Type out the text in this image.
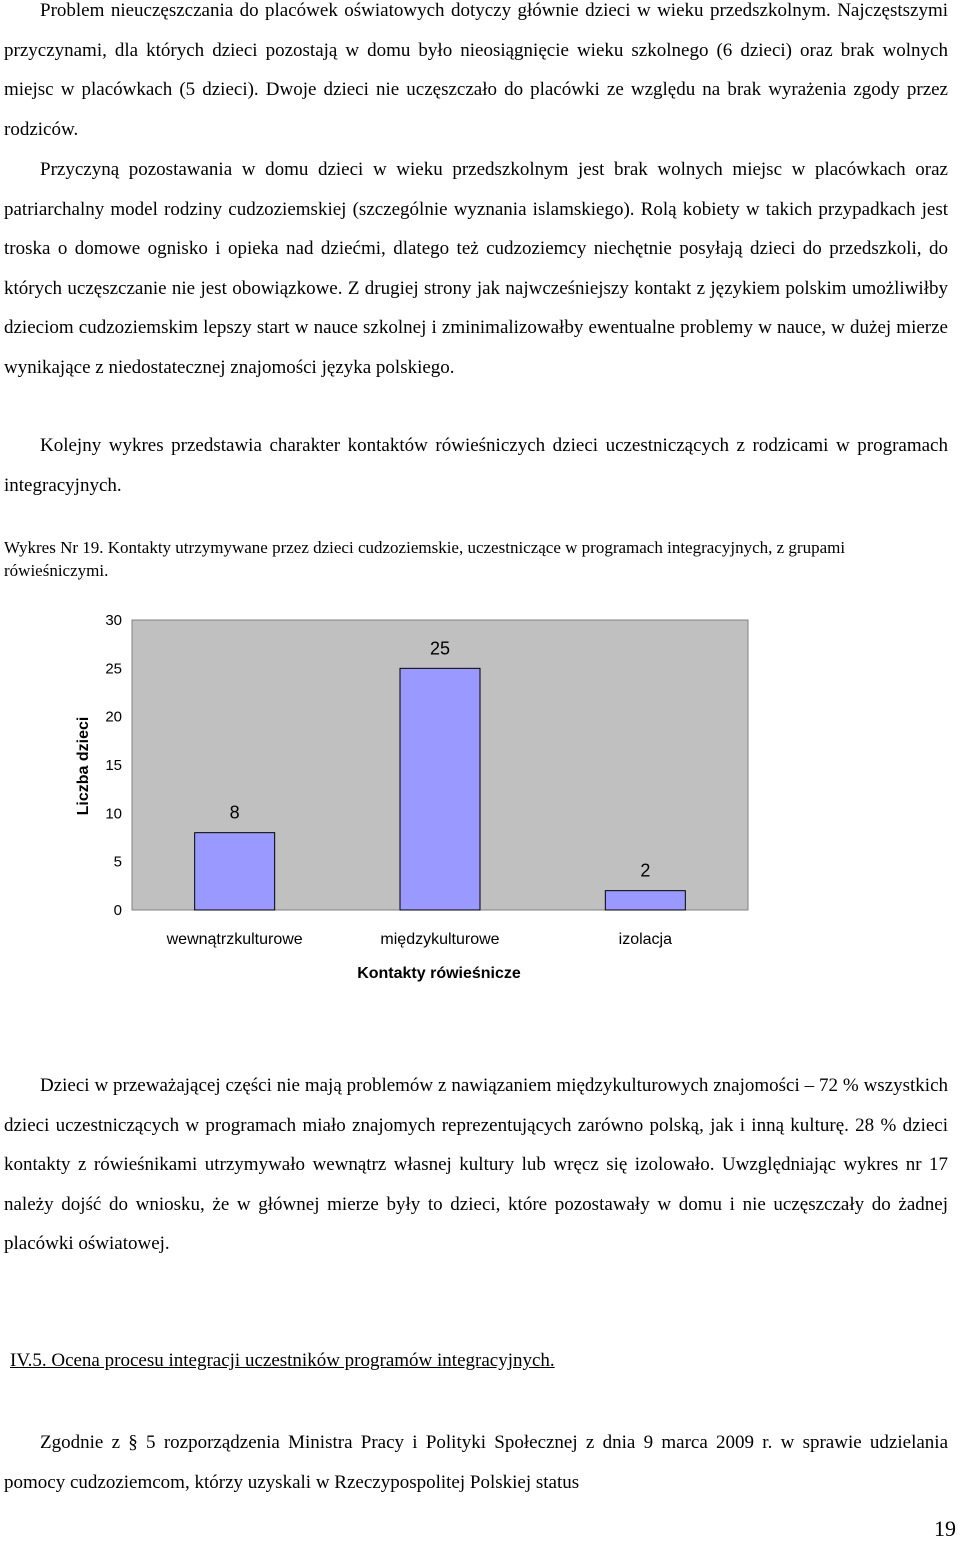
Problem nieuczęszczania do placówek oświatowych dotyczy głównie dzieci w wieku przedszkolnym. Najczęstszymi przyczynami, dla których dzieci pozostają w domu było nieosiągnięcie wieku szkolnego (6 dzieci) oraz brak wolnych miejsc w placówkach (5 dzieci). Dwoje dzieci nie uczęszczało do placówki ze względu na brak wyrażenia zgody przez rodziców.

Przyczyną pozostawania w domu dzieci w wieku przedszkolnym jest brak wolnych miejsc w placówkach oraz patriarchalny model rodziny cudzoziemskiej (szczególnie wyznania islamskiego). Rolą kobiety w takich przypadkach jest troska o domowe ognisko i opieka nad dziećmi, dlatego też cudzoziemcy niechętnie posyłają dzieci do przedszkoli, do których uczęszczanie nie jest obowiązkowe. Z drugiej strony jak najwcześniejszy kontakt z językiem polskim umożliwiłby dzieciom cudzoziemskim lepszy start w nauce szkolnej i zminimalizowałby ewentualne problemy w nauce, w dużej mierze wynikające z niedostatecznej znajomości języka polskiego.

Kolejny wykres przedstawia charakter kontaktów rówieśniczych dzieci uczestniczących z rodzicami w programach integracyjnych.

Wykres Nr 19. Kontakty utrzymywane przez dzieci cudzoziemskie, uczestniczące w programach integracyjnych, z grupami rówieśniczymi.

0
5
10
15
20
25
30
8
wewnątrzkulturowe
25
międzykulturowe
2
izolacja
Kontakty rówieśnicze
Liczba dzieci

Dzieci w przeważającej części nie mają problemów z nawiązaniem międzykulturowych znajomości – 72 % wszystkich dzieci uczestniczących w programach miało znajomych reprezentujących zarówno polską, jak i inną kulturę. 28 % dzieci kontakty z rówieśnikami utrzymywało wewnątrz własnej kultury lub wręcz się izolowało. Uwzględniając wykres nr 17 należy dojść do wniosku, że w głównej mierze były to dzieci, które pozostawały w domu i nie uczęszczały do żadnej placówki oświatowej.

IV.5. Ocena procesu integracji uczestników programów integracyjnych.

Zgodnie z § 5 rozporządzenia Ministra Pracy i Polityki Społecznej z dnia 9 marca 2009 r. w sprawie udzielania pomocy cudzoziemcom, którzy uzyskali w Rzeczypospolitej Polskiej status

19
